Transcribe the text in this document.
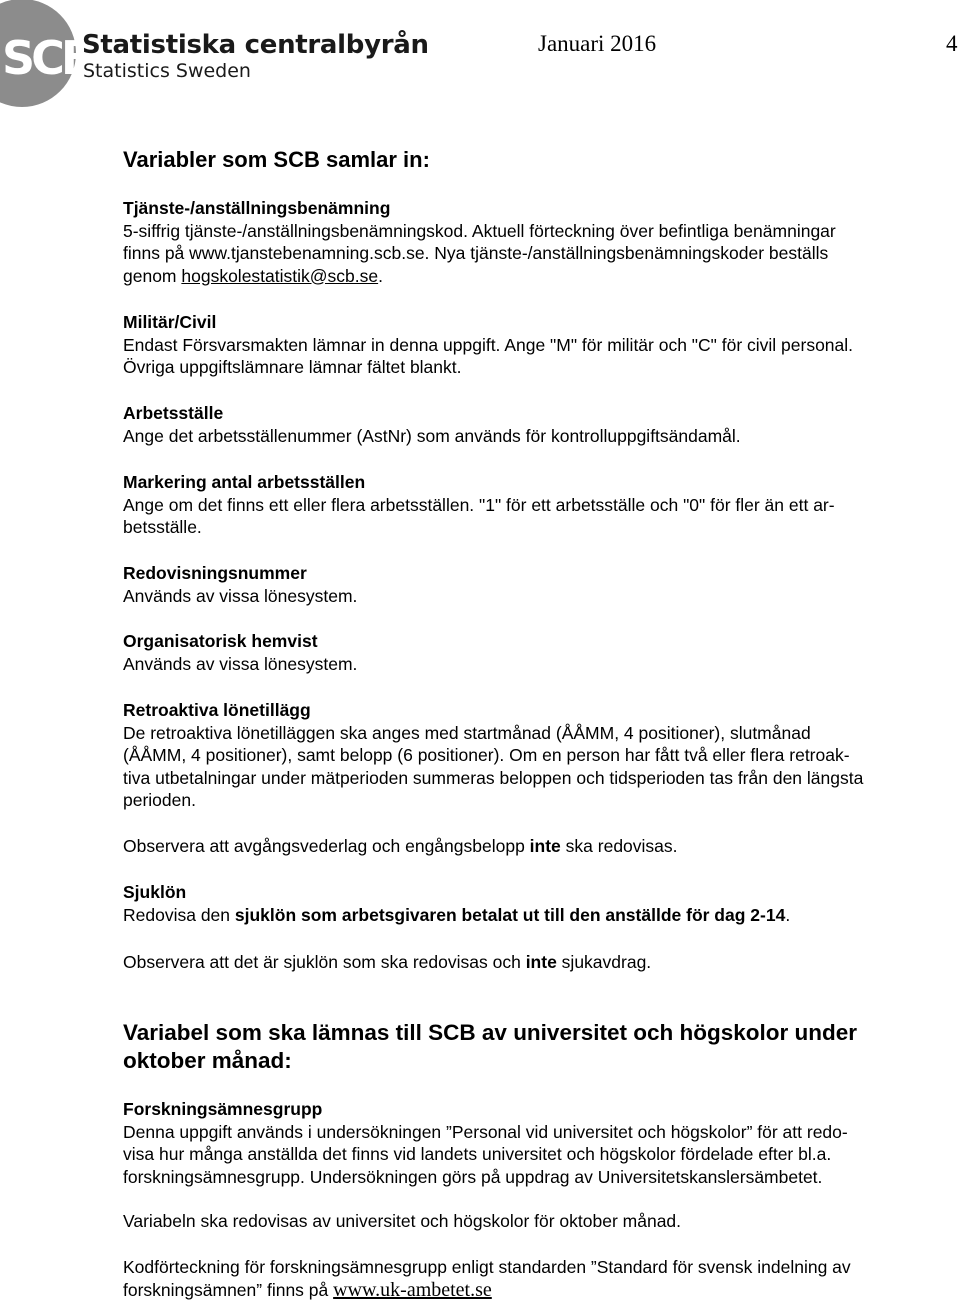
SCB
Statistiska centralbyrån
Statistics Sweden
Januari 2016	4
Variabler som SCB samlar in:
Tjänste-/anställningsbenämning
5-siffrig tjänste-/anställningsbenämningskod. Aktuell förteckning över befintliga benämningar
finns på www.tjanstebenamning.scb.se. Nya tjänste-/anställningsbenämningskoder beställs
genom hogskolestatistik@scb.se.
Militär/Civil
Endast Försvarsmakten lämnar in denna uppgift. Ange "M" för militär och "C" för civil personal.
Övriga uppgiftslämnare lämnar fältet blankt.
Arbetsställe
Ange det arbetsställenummer (AstNr) som används för kontrolluppgiftsändamål.
Markering antal arbetsställen
Ange om det finns ett eller flera arbetsställen. "1" för ett arbetsställe och "0" för fler än ett ar-
betsställe.
Redovisningsnummer
Används av vissa lönesystem.
Organisatorisk hemvist
Används av vissa lönesystem.
Retroaktiva lönetillägg
De retroaktiva lönetilläggen ska anges med startmånad (ÅÅMM, 4 positioner), slutmånad
(ÅÅMM, 4 positioner), samt belopp (6 positioner). Om en person har fått två eller flera retroak-
tiva utbetalningar under mätperioden summeras beloppen och tidsperioden tas från den längsta
perioden.
Observera att avgångsvederlag och engångsbelopp inte ska redovisas.
Sjuklön
Redovisa den sjuklön som arbetsgivaren betalat ut till den anställde för dag 2-14.
Observera att det är sjuklön som ska redovisas och inte sjukavdrag.
Variabel som ska lämnas till SCB av universitet och högskolor under
oktober månad:
Forskningsämnesgrupp
Denna uppgift används i undersökningen ”Personal vid universitet och högskolor” för att redo-
visa hur många anställda det finns vid landets universitet och högskolor fördelade efter bl.a.
forskningsämnesgrupp. Undersökningen görs på uppdrag av Universitetskanslersämbetet.
Variabeln ska redovisas av universitet och högskolor för oktober månad.
Kodförteckning för forskningsämnesgrupp enligt standarden ”Standard för svensk indelning av
forskningsämnen” finns på www.uk-ambetet.se
